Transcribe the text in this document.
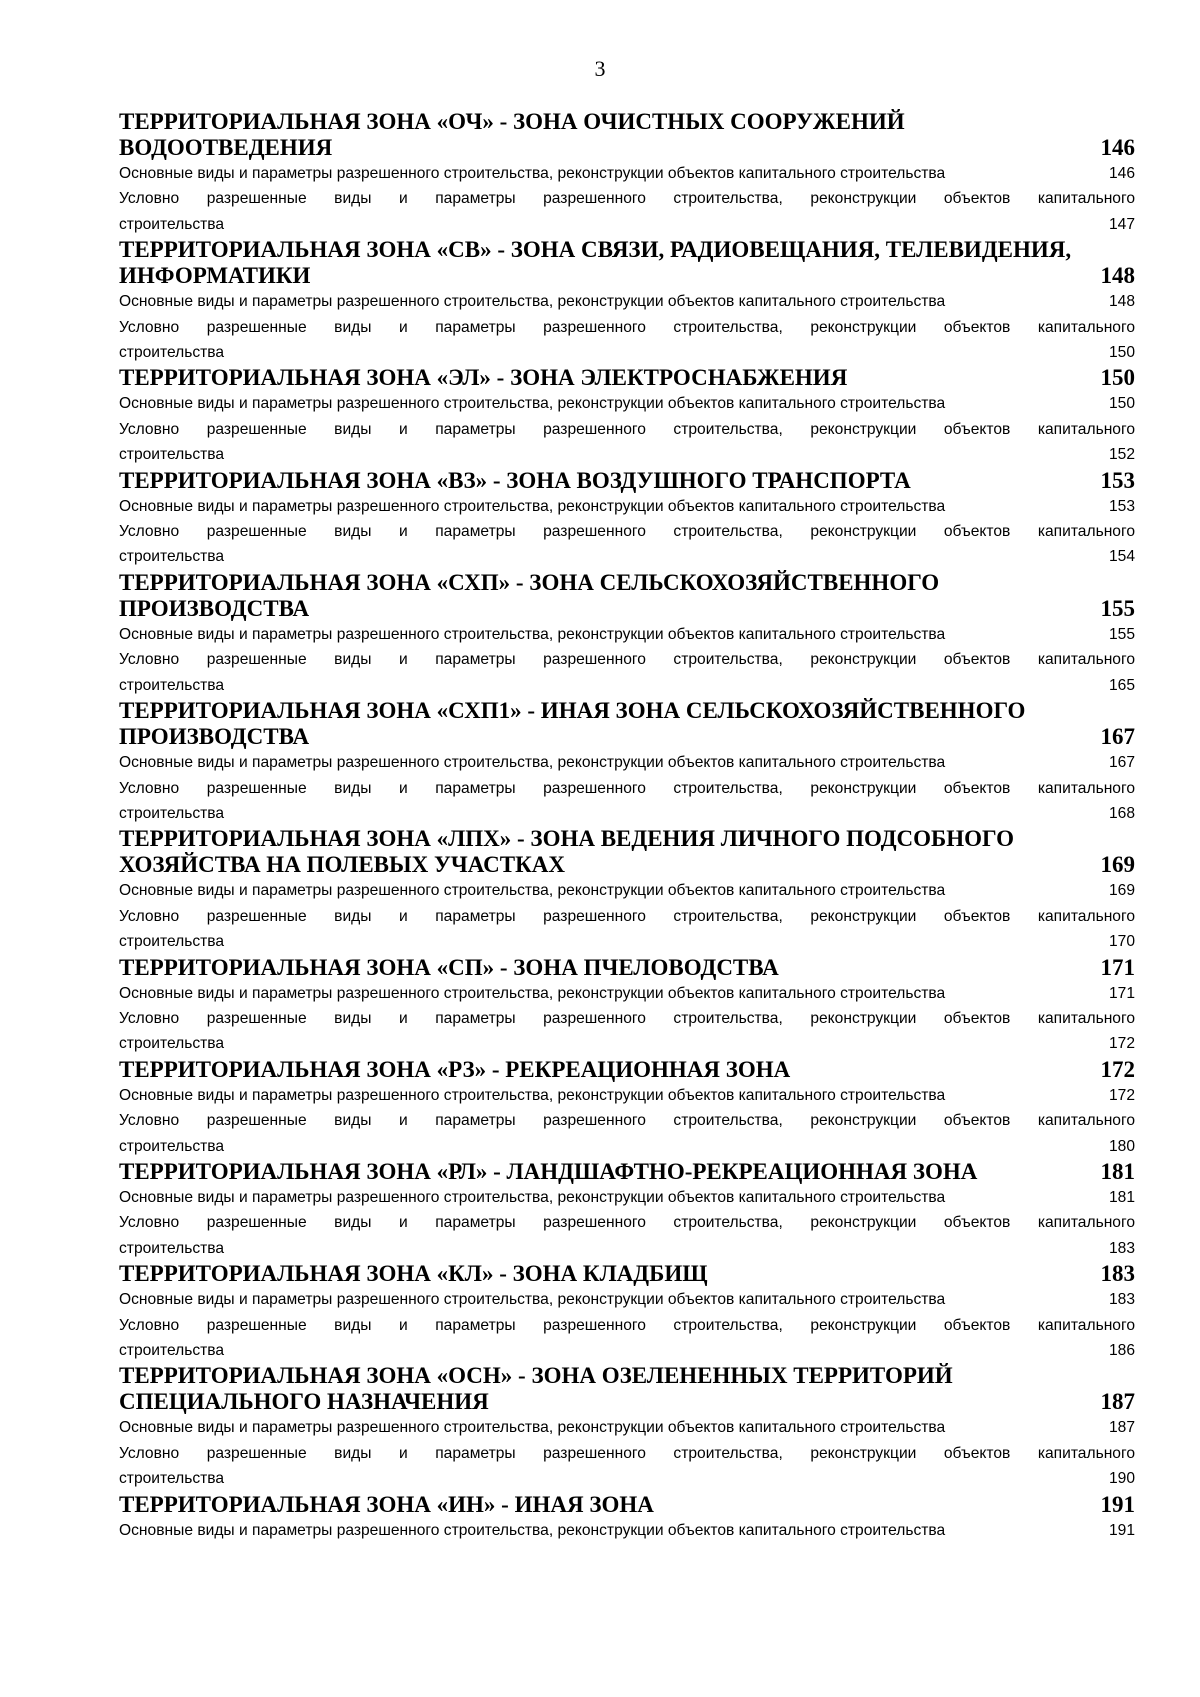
3
ТЕРРИТОРИАЛЬНАЯ ЗОНА «ОЧ» - ЗОНА ОЧИСТНЫХ СООРУЖЕНИЙ
ВОДООТВЕДЕНИЯ	146
Основные виды и параметры разрешенного строительства, реконструкции объектов капитального строительства	146
Условно разрешенные виды и параметры разрешенного строительства, реконструкции объектов капитального
строительства	147
ТЕРРИТОРИАЛЬНАЯ ЗОНА «СВ» - ЗОНА СВЯЗИ, РАДИОВЕЩАНИЯ, ТЕЛЕВИДЕНИЯ,
ИНФОРМАТИКИ	148
Основные виды и параметры разрешенного строительства, реконструкции объектов капитального строительства	148
Условно разрешенные виды и параметры разрешенного строительства, реконструкции объектов капитального
строительства	150
ТЕРРИТОРИАЛЬНАЯ ЗОНА «ЭЛ» - ЗОНА ЭЛЕКТРОСНАБЖЕНИЯ	150
Основные виды и параметры разрешенного строительства, реконструкции объектов капитального строительства	150
Условно разрешенные виды и параметры разрешенного строительства, реконструкции объектов капитального
строительства	152
ТЕРРИТОРИАЛЬНАЯ ЗОНА «ВЗ» - ЗОНА ВОЗДУШНОГО ТРАНСПОРТА	153
Основные виды и параметры разрешенного строительства, реконструкции объектов капитального строительства	153
Условно разрешенные виды и параметры разрешенного строительства, реконструкции объектов капитального
строительства	154
ТЕРРИТОРИАЛЬНАЯ ЗОНА «СХП» - ЗОНА СЕЛЬСКОХОЗЯЙСТВЕННОГО
ПРОИЗВОДСТВА	155
Основные виды и параметры разрешенного строительства, реконструкции объектов капитального строительства	155
Условно разрешенные виды и параметры разрешенного строительства, реконструкции объектов капитального
строительства	165
ТЕРРИТОРИАЛЬНАЯ ЗОНА «СХП1» - ИНАЯ ЗОНА СЕЛЬСКОХОЗЯЙСТВЕННОГО
ПРОИЗВОДСТВА	167
Основные виды и параметры разрешенного строительства, реконструкции объектов капитального строительства	167
Условно разрешенные виды и параметры разрешенного строительства, реконструкции объектов капитального
строительства	168
ТЕРРИТОРИАЛЬНАЯ ЗОНА «ЛПХ» - ЗОНА ВЕДЕНИЯ ЛИЧНОГО ПОДСОБНОГО
ХОЗЯЙСТВА НА ПОЛЕВЫХ УЧАСТКАХ	169
Основные виды и параметры разрешенного строительства, реконструкции объектов капитального строительства	169
Условно разрешенные виды и параметры разрешенного строительства, реконструкции объектов капитального
строительства	170
ТЕРРИТОРИАЛЬНАЯ ЗОНА «СП» - ЗОНА ПЧЕЛОВОДСТВА	171
Основные виды и параметры разрешенного строительства, реконструкции объектов капитального строительства	171
Условно разрешенные виды и параметры разрешенного строительства, реконструкции объектов капитального
строительства	172
ТЕРРИТОРИАЛЬНАЯ ЗОНА «РЗ» - РЕКРЕАЦИОННАЯ ЗОНА	172
Основные виды и параметры разрешенного строительства, реконструкции объектов капитального строительства	172
Условно разрешенные виды и параметры разрешенного строительства, реконструкции объектов капитального
строительства	180
ТЕРРИТОРИАЛЬНАЯ ЗОНА «РЛ» - ЛАНДШАФТНО-РЕКРЕАЦИОННАЯ ЗОНА	181
Основные виды и параметры разрешенного строительства, реконструкции объектов капитального строительства	181
Условно разрешенные виды и параметры разрешенного строительства, реконструкции объектов капитального
строительства	183
ТЕРРИТОРИАЛЬНАЯ ЗОНА «КЛ» - ЗОНА КЛАДБИЩ	183
Основные виды и параметры разрешенного строительства, реконструкции объектов капитального строительства	183
Условно разрешенные виды и параметры разрешенного строительства, реконструкции объектов капитального
строительства	186
ТЕРРИТОРИАЛЬНАЯ ЗОНА «ОСН» - ЗОНА ОЗЕЛЕНЕННЫХ ТЕРРИТОРИЙ
СПЕЦИАЛЬНОГО НАЗНАЧЕНИЯ	187
Основные виды и параметры разрешенного строительства, реконструкции объектов капитального строительства	187
Условно разрешенные виды и параметры разрешенного строительства, реконструкции объектов капитального
строительства	190
ТЕРРИТОРИАЛЬНАЯ ЗОНА «ИН» - ИНАЯ ЗОНА	191
Основные виды и параметры разрешенного строительства, реконструкции объектов капитального строительства	191
